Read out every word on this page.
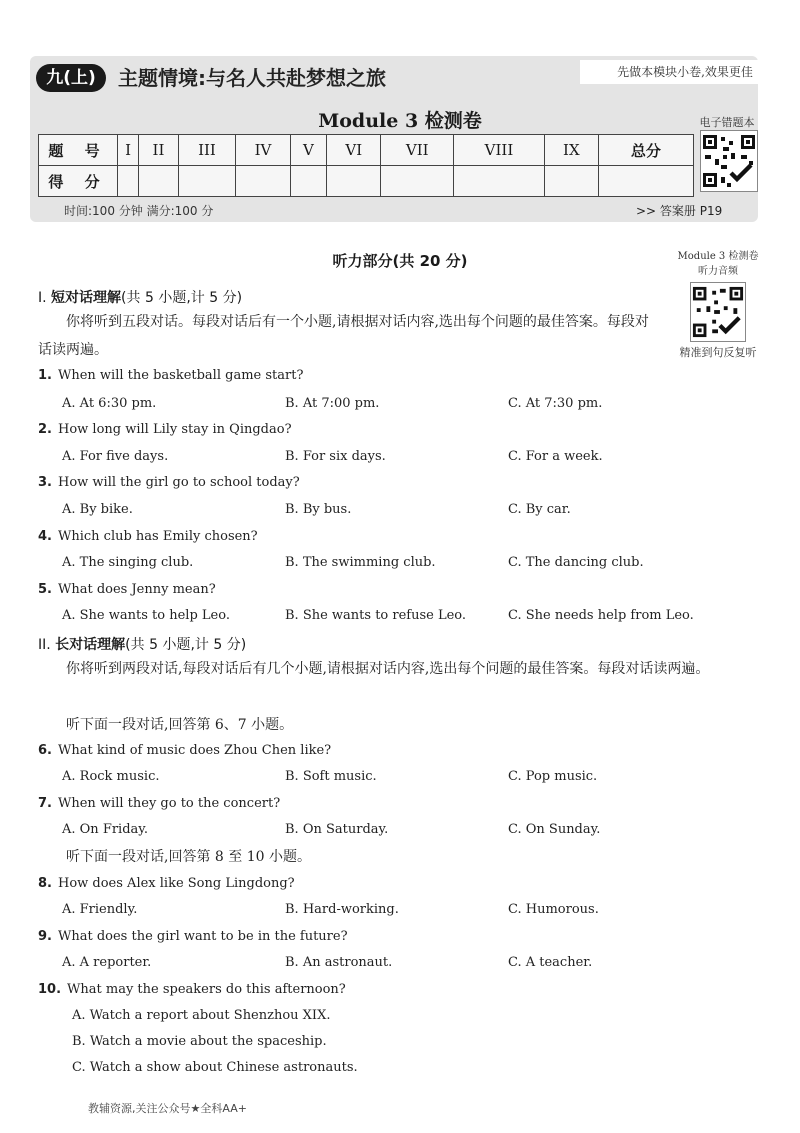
九(上)	主题情境:与名人共赴梦想之旅	先做本模块小卷,效果更佳
Module 3 检测卷
题 号	I	II	III	IV	V	VI	VII	VIII	IX	总分
得 分										
电子错题本
时间:100 分钟 满分:100 分	>> 答案册 P19
听力部分(共 20 分)	Module 3 检测卷
听力音频
精准到句反复听
I. 短对话理解(共 5 小题,计 5 分)
你将听到五段对话。每段对话后有一个小题,请根据对话内容,选出每个问题的最佳答案。每段对话读两遍。
1. When will the basketball game start?
A. At 6:30 pm.	B. At 7:00 pm.	C. At 7:30 pm.
2. How long will Lily stay in Qingdao?
A. For five days.	B. For six days.	C. For a week.
3. How will the girl go to school today?
A. By bike.	B. By bus.	C. By car.
4. Which club has Emily chosen?
A. The singing club.	B. The swimming club.	C. The dancing club.
5. What does Jenny mean?
A. She wants to help Leo.	B. She wants to refuse Leo.	C. She needs help from Leo.
II. 长对话理解(共 5 小题,计 5 分)
你将听到两段对话,每段对话后有几个小题,请根据对话内容,选出每个问题的最佳答案。每段对话读两遍。
听下面一段对话,回答第 6、7 小题。
6. What kind of music does Zhou Chen like?
A. Rock music.	B. Soft music.	C. Pop music.
7. When will they go to the concert?
A. On Friday.	B. On Saturday.	C. On Sunday.
听下面一段对话,回答第 8 至 10 小题。
8. How does Alex like Song Lingdong?
A. Friendly.	B. Hard-working.	C. Humorous.
9. What does the girl want to be in the future?
A. A reporter.	B. An astronaut.	C. A teacher.
10. What may the speakers do this afternoon?
A. Watch a report about Shenzhou XIX.
B. Watch a movie about the spaceship.
C. Watch a show about Chinese astronauts.
教辅资源,关注公众号★全科AA+
